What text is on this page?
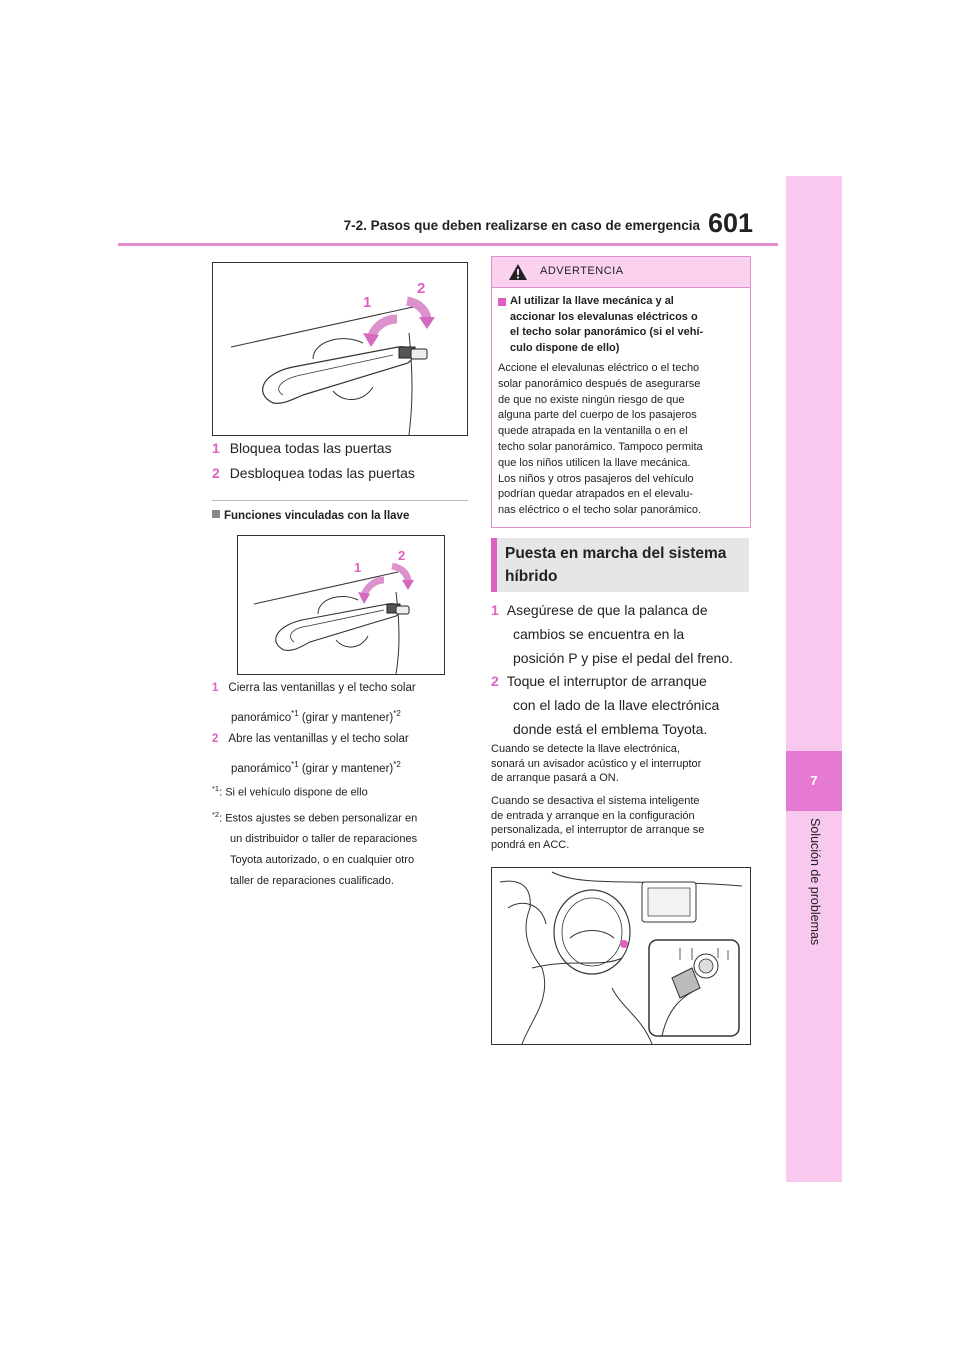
7-2. Pasos que deben realizarse en caso de emergencia 601
7
Solución de problemas
1
2
1 Bloquea todas las puertas
2 Desbloquea todas las puertas
Funciones vinculadas con la llave
1
2
1 Cierra las ventanillas y el techo solar
panorámico$^{*1}$ (girar y mantener)$^{*2}$
2 Abre las ventanillas y el techo solar
panorámico$^{*1}$ (girar y mantener)$^{*2}$
$^{*1}$: Si el vehículo dispone de ello
$^{*2}$: Estos ajustes se deben personalizar en
un distribuidor o taller de reparaciones
Toyota autorizado, o en cualquier otro
taller de reparaciones cualificado.
ADVERTENCIA
Al utilizar la llave mecánica y al
accionar los elevalunas eléctricos o
el techo solar panorámico (si el vehí-
culo dispone de ello)
Accione el elevalunas eléctrico o el techo
solar panorámico después de asegurarse
de que no existe ningún riesgo de que
alguna parte del cuerpo de los pasajeros
quede atrapada en la ventanilla o en el
techo solar panorámico. Tampoco permita
que los niños utilicen la llave mecánica.
Los niños y otros pasajeros del vehículo
podrían quedar atrapados en el elevalu-
nas eléctrico o el techo solar panorámico.
Puesta en marcha del sistema
híbrido
1 Asegúrese de que la palanca de
cambios se encuentra en la
posición P y pise el pedal del freno.
2 Toque el interruptor de arranque
con el lado de la llave electrónica
donde está el emblema Toyota.
Cuando se detecte la llave electrónica,
sonará un avisador acústico y el interruptor
de arranque pasará a ON.
Cuando se desactiva el sistema inteligente
de entrada y arranque en la configuración
personalizada, el interruptor de arranque se
pondrá en ACC.
